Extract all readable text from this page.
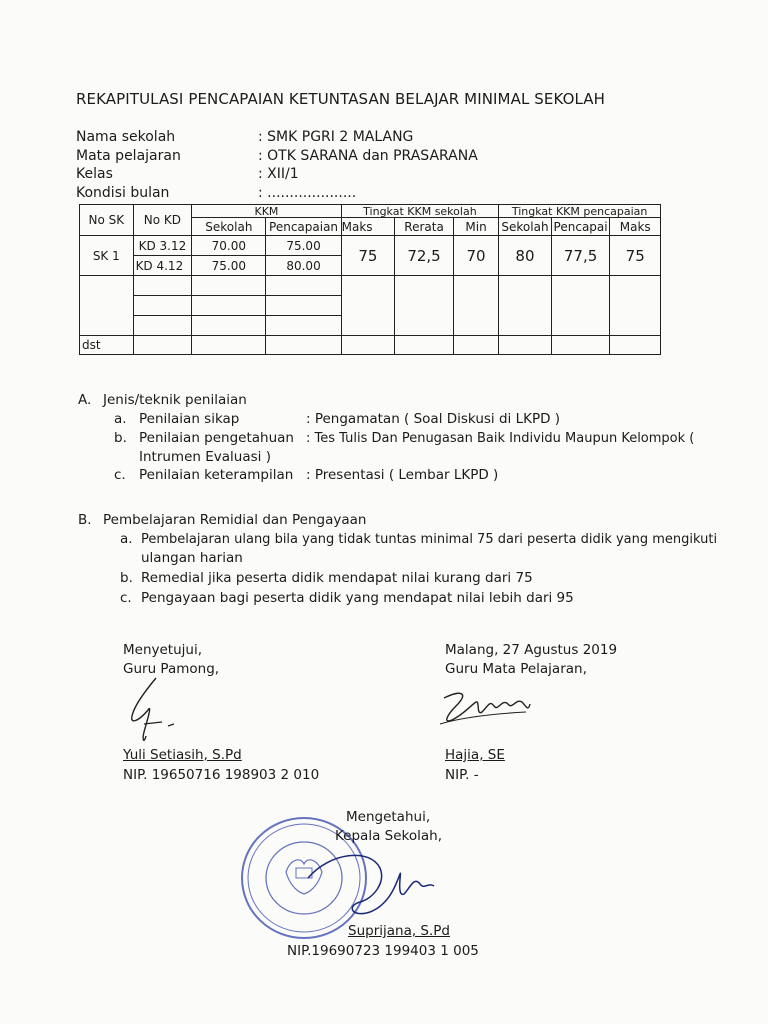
REKAPITULASI PENCAPAIAN KETUNTASAN BELAJAR MINIMAL SEKOLAH
Nama sekolah	: SMK PGRI 2 MALANG
Mata pelajaran	: OTK SARANA dan PRASARANA
Kelas	: XII/1
Kondisi bulan	: ....................
No SK	No KD	KKM		Tingkat KKM sekolah			Tingkat KKM pencapaian		
		Sekolah	Pencapaian	Maks	Rerata	Min	Sekolah	Pencapai	Maks
SK 1	KD 3.12	70.00	75.00	75	72,5	70	80	77,5	75
	KD 4.12	75.00	80.00						

dst									
A. Jenis/teknik penilaian
a. Penilaian sikap	: Pengamatan ( Soal Diskusi di LKPD )
b. Penilaian pengetahuan : Tes Tulis Dan Penugasan Baik Individu Maupun Kelompok (
Intrumen Evaluasi )
c. Penilaian keterampilan : Presentasi ( Lembar LKPD )
B. Pembelajaran Remidial dan Pengayaan
a. Pembelajaran ulang bila yang tidak tuntas minimal 75 dari peserta didik yang mengikuti
ulangan harian
b. Remedial jika peserta didik mendapat nilai kurang dari 75
c. Pengayaan bagi peserta didik yang mendapat nilai lebih dari 95
Menyetujui,
Guru Pamong,
Yuli Setiasih, S.Pd
NIP. 19650716 198903 2 010
Malang, 27 Agustus 2019
Guru Mata Pelajaran,
Hajia, SE
NIP. -
Mengetahui,
Kepala Sekolah,
Suprijana, S.Pd
NIP.19690723 199403 1 005
